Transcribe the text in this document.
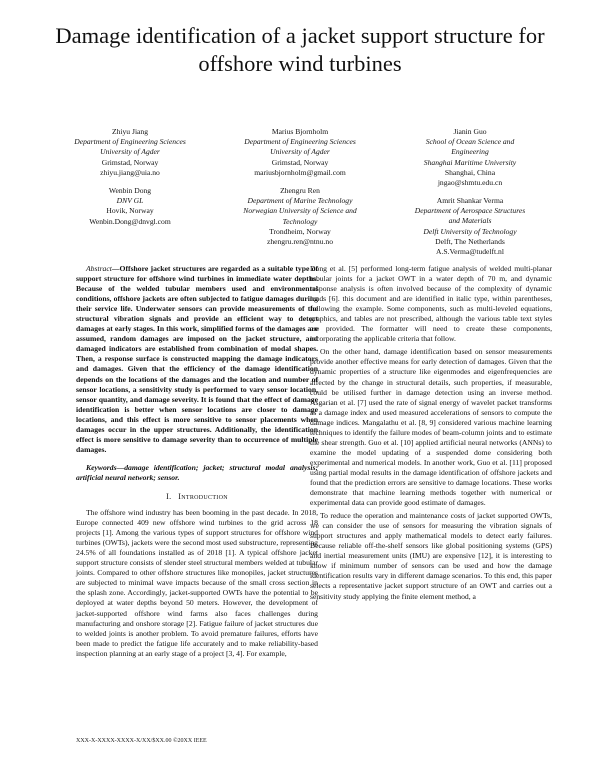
Damage identification of a jacket support structure for offshore wind turbines
Zhiyu Jiang
Department of Engineering Sciences
University of Agder
Grimstad, Norway
zhiyu.jiang@uia.no
Marius Bjornholm
Department of Engineering Sciences
University of Agder
Grimstad, Norway
mariusbjornholm@gmail.com
Jianin Guo
School of Ocean Science and
Engineering
Shanghai Maritime University
Shanghai, China
jngao@shmtu.edu.cn
Wenbin Dong
DNV GL
Hovik, Norway
Wenbin.Dong@dnvgl.com
Zhengru Ren
Department of Marine Technology
Norwegian University of Science and
Technology
Trondheim, Norway
zhengru.ren@ntnu.no
Amrit Shankar Verma
Department of Aerospace Structures
and Materials
Delft University of Technology
Delft, The Netherlands
A.S.Verma@tudelft.nl

Abstract—Offshore jacket structures are regarded as a suitable type of support structure for offshore wind turbines in immediate water depths. Because of the welded tubular members used and environmental conditions, offshore jackets are often subjected to fatigue damages during their service life. Underwater sensors can provide measurements of the structural vibration signals and provide an efficient way to detect damages at early stages. In this work, simplified forms of the damages are assumed, random damages are imposed on the jacket structure, and damaged indicators are established from combination of modal shapes. Then, a response surface is constructed mapping the damage indicators and damages. Given that the efficiency of the damage identification depends on the locations of the damages and the location and number of sensor locations, a sensitivity study is performed to vary sensor location, sensor quantity, and damage severity. It is found that the effect of damage identification is better when sensor locations are closer to damage locations, and this effect is more sensitive to sensor placements when damages occur in the upper structures. Additionally, the identification effect is more sensitive to damage severity than to occurrence of multiple damages.

Keywords—damage identification; jacket; structural modal analysis; artificial neural network; sensor.

I. Introduction

The offshore wind industry has been booming in the past decade. In 2018, Europe connected 409 new offshore wind turbines to the grid across 18 projects [1]. Among the various types of support structures for offshore wind turbines (OWTs), jackets were the second most used substructure, representing 24.5% of all foundations installed as of 2018 [1]. A typical offshore jacket support structure consists of slender steel structural members welded at tubular joints. Compared to other offshore structures like monopiles, jacket structures are subjected to minimal wave impacts because of the small cross section in the splash zone. Accordingly, jacket-supported OWTs have the potential to be deployed at water depths beyond 50 meters. However, the development of jacket-supported offshore wind farms also faces challenges during manufacturing and onshore storage [2]. Fatigue failure of jacket structures due to welded joints is another problem. To avoid premature failures, efforts have been made to predict the fatigue life accurately and to make reliability-based inspection planning at an early stage of a project [3, 4]. For example,

Dong et al. [5] performed long-term fatigue analysis of welded multi-planar tubular joints for a jacket OWT in a water depth of 70 m, and dynamic response analysis is often involved because of the complexity of dynamic loads [6]. this document and are identified in italic type, within parentheses, following the example. Some components, such as multi-leveled equations, graphics, and tables are not prescribed, although the various table text styles are provided. The formatter will need to create these components, incorporating the applicable criteria that follow.

On the other hand, damage identification based on sensor measurements provide another effective means for early detection of damages. Given that the dynamic properties of a structure like eigenmodes and eigenfrequencies are affected by the change in structural details, such properties, if measurable, could be utilised further in damage detection using an inverse method. Asgarian et al. [7] used the rate of signal energy of wavelet packet transforms as a damage index and used measured accelerations of sensors to compute the damage indices. Mangalathu et al. [8, 9] considered various machine learning techniques to identify the failure modes of beam-column joints and to estimate the shear strength. Guo et al. [10] applied artificial neural networks (ANNs) to examine the model updating of a suspended dome considering both experimental and numerical models. In another work, Guo et al. [11] proposed using partial modal results in the damage identification of offshore jackets and found that the prediction errors are sensitive to damage locations. These works demonstrate that machine learning methods together with numerical or experimental data can provide good estimate of damages.

To reduce the operation and maintenance costs of jacket supported OWTs, we can consider the use of sensors for measuring the vibration signals of support structures and apply mathematical models to detect early failures. Because reliable off-the-shelf sensors like global positioning systems (GPS) and inertial measurement units (IMU) are expensive [12], it is interesting to know if minimum number of sensors can be used and how the damage identification results vary in different damage scenarios. To this end, this paper selects a representative jacket support structure of an OWT and carries out a sensitivity study applying the finite element method, a

XXX-X-XXXX-XXXX-X/XX/$XX.00 ©20XX IEEE
